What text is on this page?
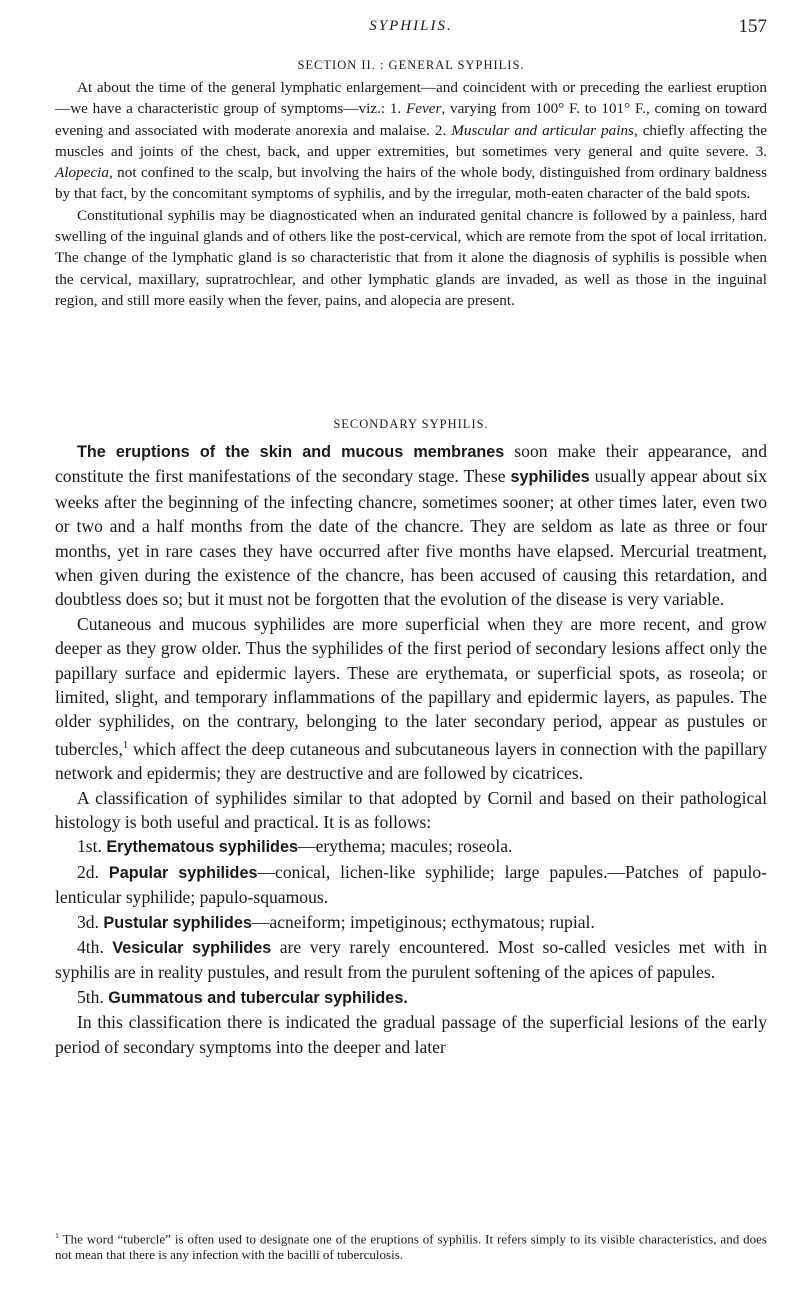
SYPHILIS.	157
SECTION II. : GENERAL SYPHILIS.

At about the time of the general lymphatic enlargement—and coincident with or preceding the earliest eruption—we have a characteristic group of symptoms—viz.: 1. Fever, varying from 100° F. to 101° F., coming on toward evening and associated with moderate anorexia and malaise. 2. Muscular and articular pains, chiefly affecting the muscles and joints of the chest, back, and upper extremities, but sometimes very general and quite severe. 3. Alopecia, not confined to the scalp, but involving the hairs of the whole body, distinguished from ordinary baldness by that fact, by the concomitant symptoms of syphilis, and by the irregular, moth-eaten character of the bald spots.

Constitutional syphilis may be diagnosticated when an indurated genital chancre is followed by a painless, hard swelling of the inguinal glands and of others like the post-cervical, which are remote from the spot of local irritation. The change of the lymphatic gland is so characteristic that from it alone the diagnosis of syphilis is possible when the cervical, maxillary, supratrochlear, and other lymphatic glands are invaded, as well as those in the inguinal region, and still more easily when the fever, pains, and alopecia are present.

SECONDARY SYPHILIS.

The eruptions of the skin and mucous membranes soon make their appearance, and constitute the first manifestations of the secondary stage. These syphilides usually appear about six weeks after the beginning of the infecting chancre, sometimes sooner; at other times later, even two or two and a half months from the date of the chancre. They are seldom as late as three or four months, yet in rare cases they have occurred after five months have elapsed. Mercurial treatment, when given during the existence of the chancre, has been accused of causing this retardation, and doubtless does so; but it must not be forgotten that the evolution of the disease is very variable.

Cutaneous and mucous syphilides are more superficial when they are more recent, and grow deeper as they grow older. Thus the syphilides of the first period of secondary lesions affect only the papillary surface and epidermic layers. These are erythemata, or superficial spots, as roseola; or limited, slight, and temporary inflammations of the papillary and epidermic layers, as papules. The older syphilides, on the contrary, belonging to the later secondary period, appear as pustules or tubercles,$^1$ which affect the deep cutaneous and subcutaneous layers in connection with the papillary network and epidermis; they are destructive and are followed by cicatrices.

A classification of syphilides similar to that adopted by Cornil and based on their pathological histology is both useful and practical. It is as follows:

1st. Erythematous syphilides—erythema; macules; roseola.

2d. Papular syphilides—conical, lichen-like syphilide; large papules.—Patches of papulo-lenticular syphilide; papulo-squamous.

3d. Pustular syphilides—acneiform; impetiginous; ecthymatous; rupial.

4th. Vesicular syphilides are very rarely encountered. Most so-called vesicles met with in syphilis are in reality pustules, and result from the purulent softening of the apices of papules.

5th. Gummatous and tubercular syphilides.

In this classification there is indicated the gradual passage of the superficial lesions of the early period of secondary symptoms into the deeper and later

$^1$ The word “tubercle” is often used to designate one of the eruptions of syphilis. It refers simply to its visible characteristics, and does not mean that there is any infection with the bacilli of tuberculosis.
